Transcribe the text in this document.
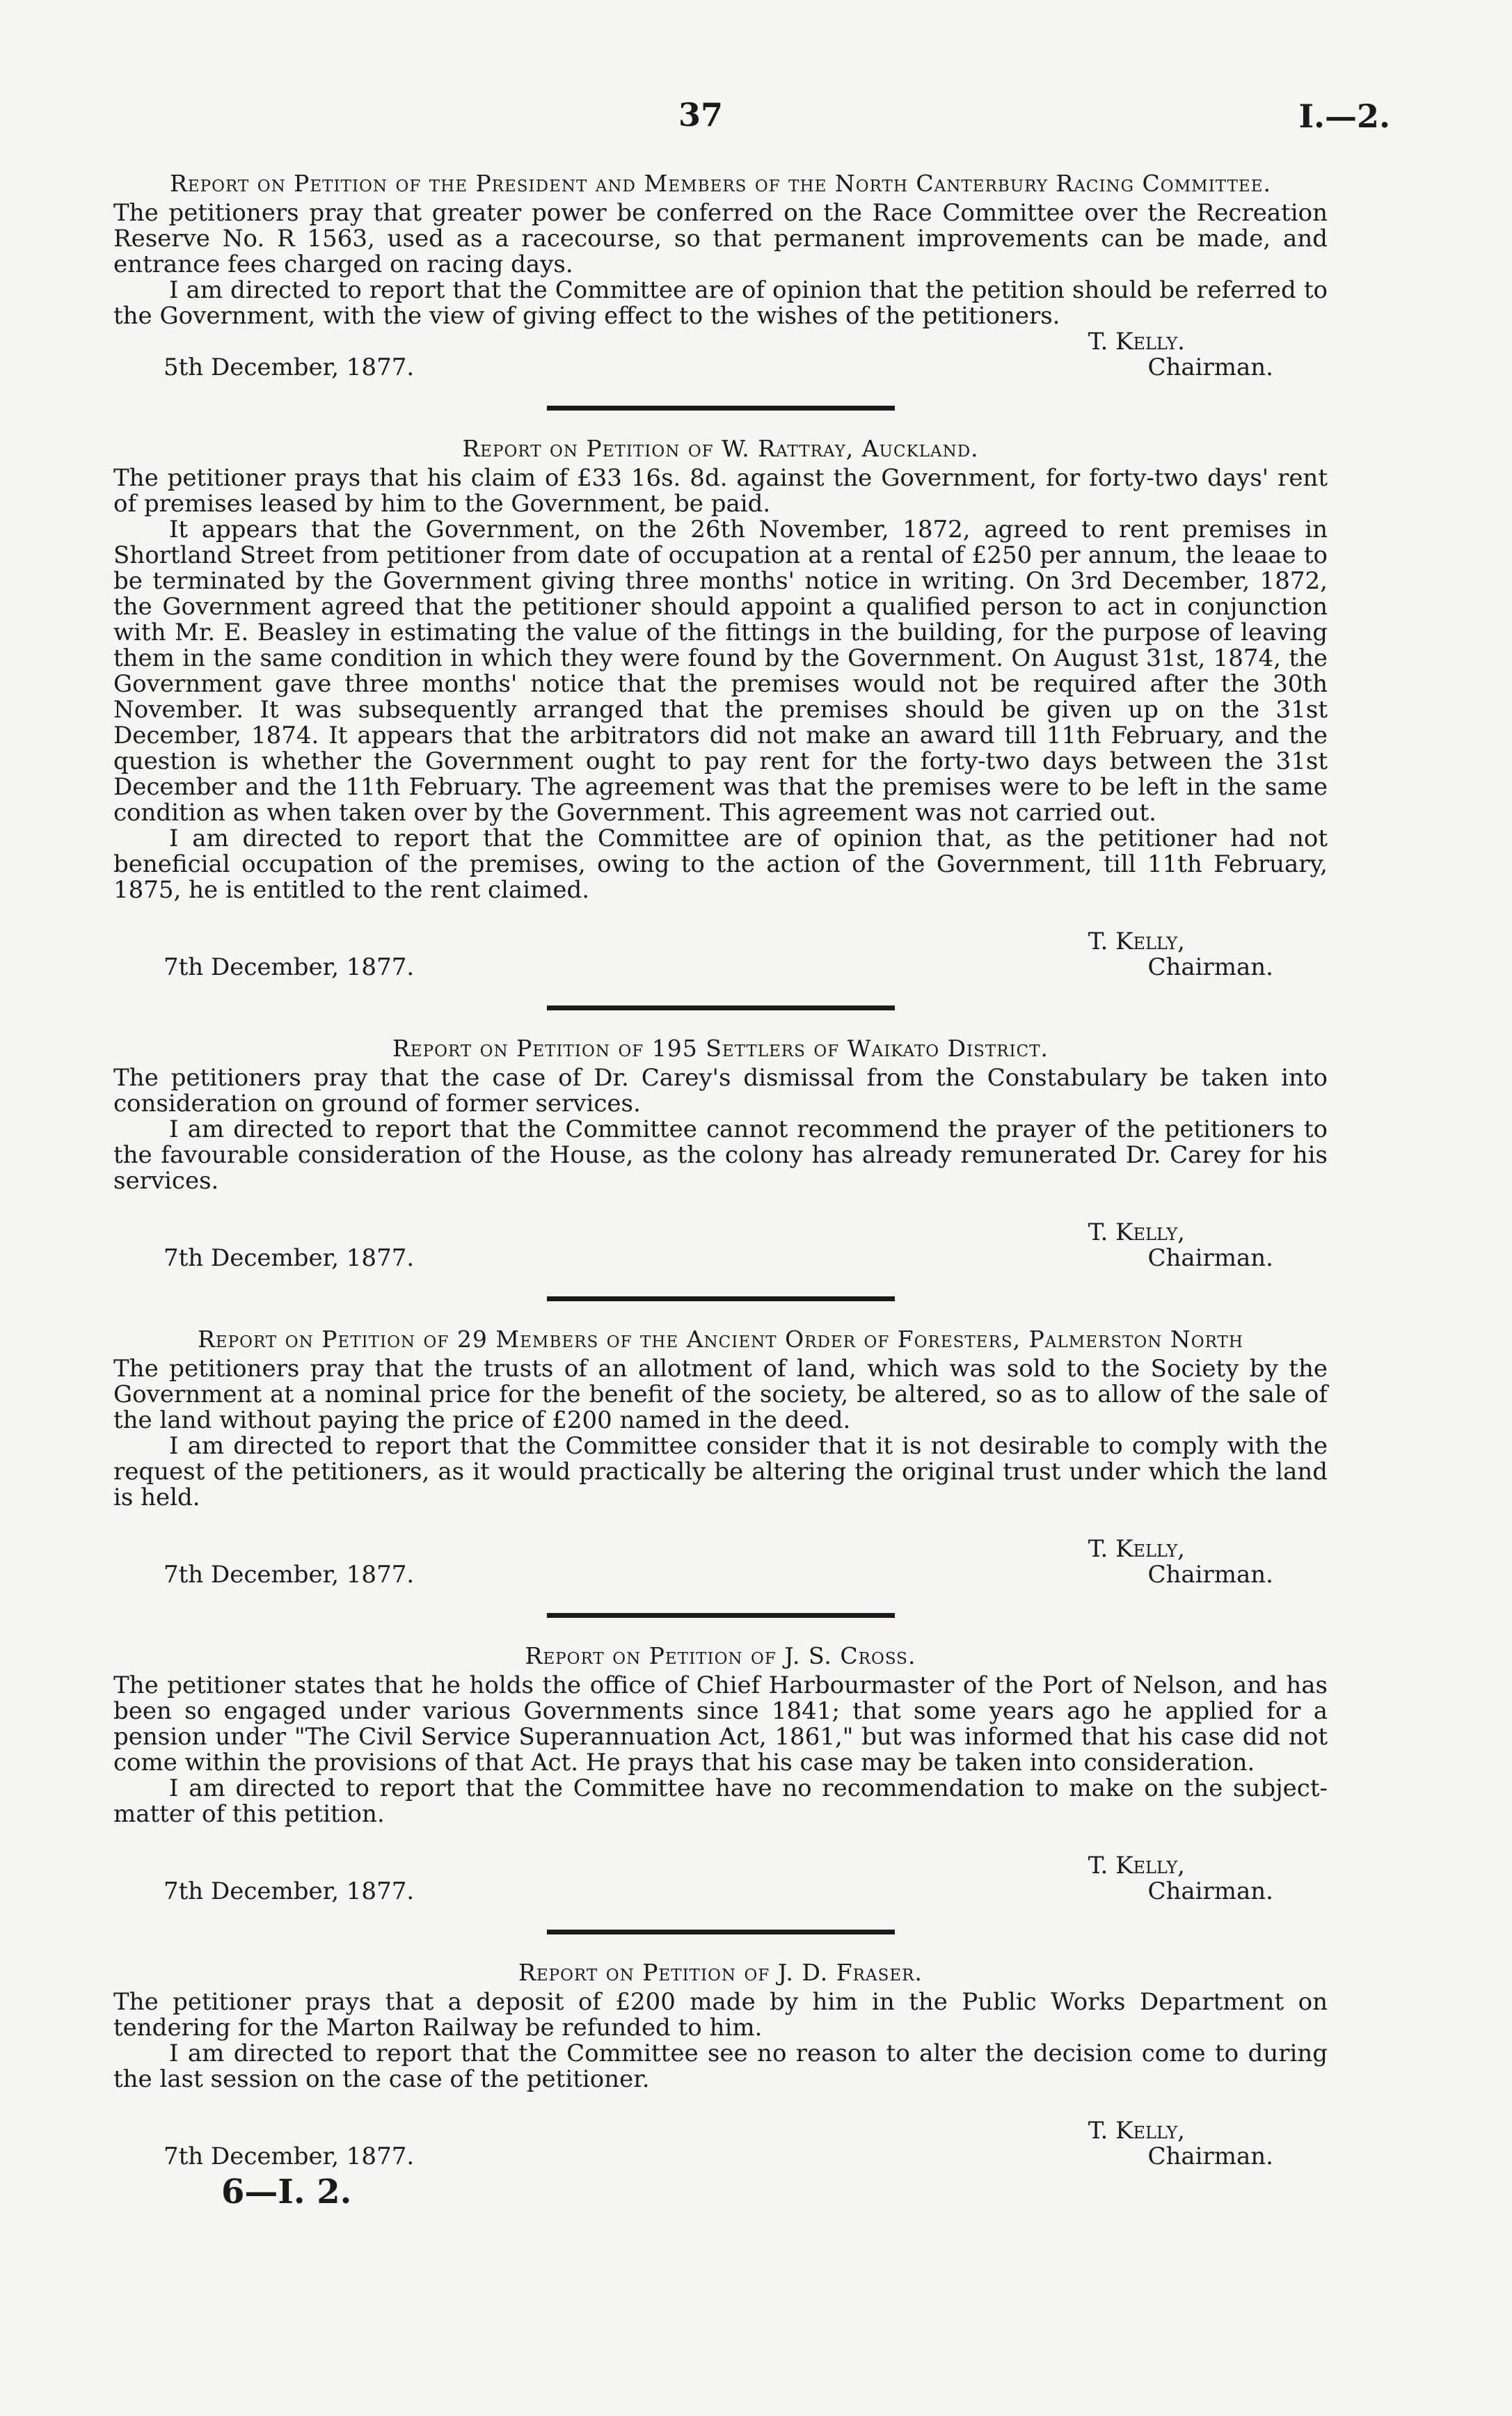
37	I.—2.
Report on Petition of the President and Members of the North Canterbury Racing Committee.

The petitioners pray that greater power be conferred on the Race Committee over the Recreation Reserve No. R 1563, used as a racecourse, so that permanent improvements can be made, and entrance fees charged on racing days.

I am directed to report that the Committee are of opinion that the petition should be referred to the Government, with the view of giving effect to the wishes of the petitioners.

T. Kelly.
5th December, 1877.	Chairman.
Report on Petition of W. Rattray, Auckland.

The petitioner prays that his claim of £33 16s. 8d. against the Government, for forty-two days' rent of premises leased by him to the Government, be paid.

It appears that the Government, on the 26th November, 1872, agreed to rent premises in Shortland Street from petitioner from date of occupation at a rental of £250 per annum, the leaae to be terminated by the Government giving three months' notice in writing. On 3rd December, 1872, the Government agreed that the petitioner should appoint a qualified person to act in conjunction with Mr. E. Beasley in estimating the value of the fittings in the building, for the purpose of leaving them in the same condition in which they were found by the Government. On August 31st, 1874, the Government gave three months' notice that the premises would not be required after the 30th November. It was subsequently arranged that the premises should be given up on the 31st December, 1874. It appears that the arbitrators did not make an award till 11th February, and the question is whether the Government ought to pay rent for the forty-two days between the 31st December and the 11th February. The agreement was that the premises were to be left in the same condition as when taken over by the Government. This agreement was not carried out.

I am directed to report that the Committee are of opinion that, as the petitioner had not beneficial occupation of the premises, owing to the action of the Government, till 11th February, 1875, he is entitled to the rent claimed.

T. Kelly,
7th December, 1877.	Chairman.
Report on Petition of 195 Settlers of Waikato District.

The petitioners pray that the case of Dr. Carey's dismissal from the Constabulary be taken into consideration on ground of former services.

I am directed to report that the Committee cannot recommend the prayer of the petitioners to the favourable consideration of the House, as the colony has already remunerated Dr. Carey for his services.

T. Kelly,
7th December, 1877.	Chairman.
Report on Petition of 29 Members of the Ancient Order of Foresters, Palmerston North

The petitioners pray that the trusts of an allotment of land, which was sold to the Society by the Government at a nominal price for the benefit of the society, be altered, so as to allow of the sale of the land without paying the price of £200 named in the deed.

I am directed to report that the Committee consider that it is not desirable to comply with the request of the petitioners, as it would practically be altering the original trust under which the land is held.

T. Kelly,
7th December, 1877.	Chairman.
Report on Petition of J. S. Cross.

The petitioner states that he holds the office of Chief Harbourmaster of the Port of Nelson, and has been so engaged under various Governments since 1841; that some years ago he applied for a pension under "The Civil Service Superannuation Act, 1861," but was informed that his case did not come within the provisions of that Act. He prays that his case may be taken into consideration.

I am directed to report that the Committee have no recommendation to make on the subject-matter of this petition.

T. Kelly,
7th December, 1877.	Chairman.
Report on Petition of J. D. Fraser.

The petitioner prays that a deposit of £200 made by him in the Public Works Department on tendering for the Marton Railway be refunded to him.

I am directed to report that the Committee see no reason to alter the decision come to during the last session on the case of the petitioner.

T. Kelly,
7th December, 1877.	Chairman.
6—I. 2.
